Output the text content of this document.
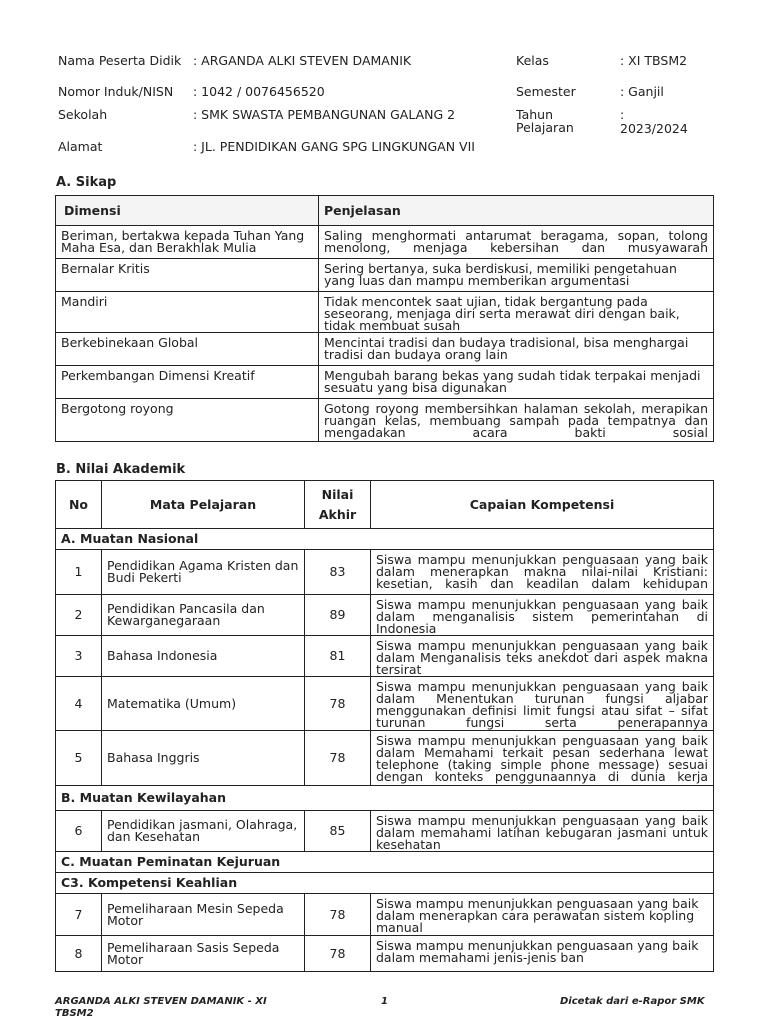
Nama Peserta Didik : ARGANDA ALKI STEVEN DAMANIK
Nomor Induk/NISN : 1042 / 0076456520
Sekolah	: SMK SWASTA PEMBANGUNAN GALANG 2
Alamat	: JL. PENDIDIKAN GANG SPG LINGKUNGAN VII
Kelas	: XI TBSM2
Semester	: Ganjil
Tahun Pelajaran
:
2023/2024
A. Sikap
Dimensi	Penjelasan
Beriman, bertakwa kepada Tuhan Yang Maha Esa, dan Berakhlak Mulia	Saling menghormati antarumat beragama, sopan, tolong menolong, menjaga kebersihan dan musyawarah
Bernalar Kritis	Sering bertanya, suka berdiskusi, memiliki pengetahuan yang luas dan mampu memberikan argumentasi
Mandiri	Tidak mencontek saat ujian, tidak bergantung pada seseorang, menjaga diri serta merawat diri dengan baik, tidak membuat susah
Berkebinekaan Global	Mencintai tradisi dan budaya tradisional, bisa menghargai tradisi dan budaya orang lain
Perkembangan Dimensi Kreatif	Mengubah barang bekas yang sudah tidak terpakai menjadi sesuatu yang bisa digunakan
Bergotong royong	Gotong royong membersihkan halaman sekolah, merapikan ruangan kelas, membuang sampah pada tempatnya dan mengadakan acara bakti sosial
B. Nilai Akademik
No	Mata Pelajaran	Nilai Akhir	Capaian Kompetensi
A. Muatan Nasional			
1	Pendidikan Agama Kristen dan Budi Pekerti	83	Siswa mampu menunjukkan penguasaan yang baik dalam menerapkan makna nilai-nilai Kristiani: kesetian, kasih dan keadilan dalam kehidupan
2	Pendidikan Pancasila dan Kewarganegaraan	89	Siswa mampu menunjukkan penguasaan yang baik dalam menganalisis sistem pemerintahan di Indonesia
3	Bahasa Indonesia	81	Siswa mampu menunjukkan penguasaan yang baik dalam Menganalisis teks anekdot dari aspek makna tersirat
4	Matematika (Umum)	78	Siswa mampu menunjukkan penguasaan yang baik dalam Menentukan turunan fungsi aljabar menggunakan definisi limit fungsi atau sifat – sifat turunan fungsi serta penerapannya
5	Bahasa Inggris	78	Siswa mampu menunjukkan penguasaan yang baik dalam Memahami terkait pesan sederhana lewat telephone (taking simple phone message) sesuai dengan konteks penggunaannya di dunia kerja
B. Muatan Kewilayahan			
6	Pendidikan jasmani, Olahraga, dan Kesehatan	85	Siswa mampu menunjukkan penguasaan yang baik dalam memahami latihan kebugaran jasmani untuk kesehatan
C. Muatan Peminatan Kejuruan			
C3. Kompetensi Keahlian			
7	Pemeliharaan Mesin Sepeda Motor	78	Siswa mampu menunjukkan penguasaan yang baik dalam menerapkan cara perawatan sistem kopling manual
8	Pemeliharaan Sasis Sepeda Motor	78	Siswa mampu menunjukkan penguasaan yang baik dalam memahami jenis-jenis ban
ARGANDA ALKI STEVEN DAMANIK - XI TBSM2
1	Dicetak dari e-Rapor SMK
